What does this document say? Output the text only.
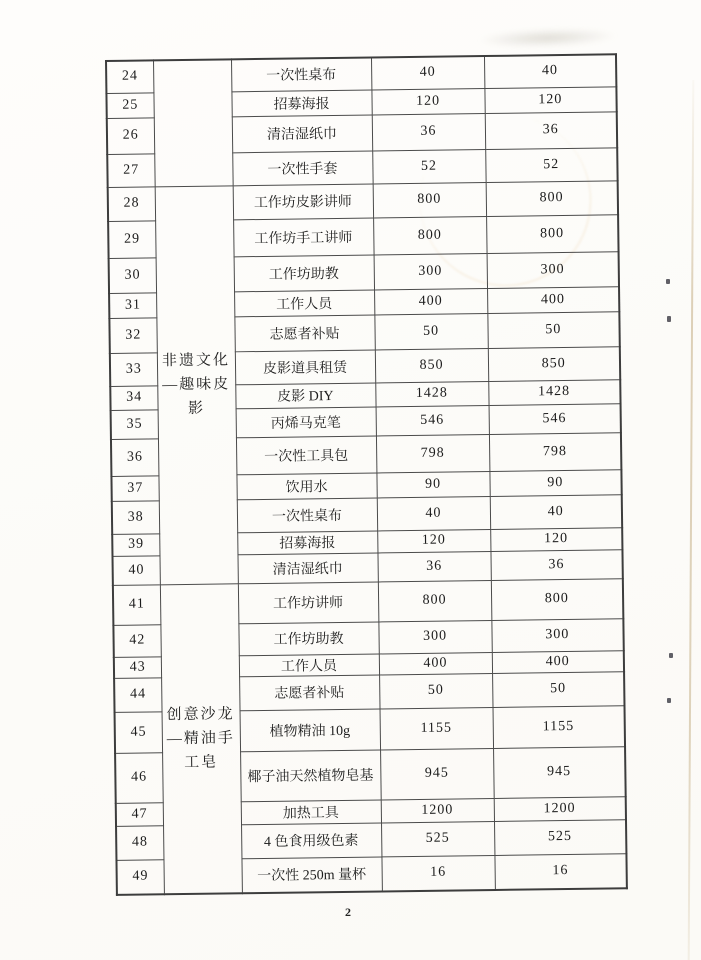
24		一次性桌布	40	40
25		招募海报	120	120
26		清洁湿纸巾	36	36
27		一次性手套	52	52
28	非遗文化—趣味皮影	工作坊皮影讲师	800	800
29		工作坊手工讲师	800	800
30		工作坊助教	300	300
31		工作人员	400	400
32		志愿者补贴	50	50
33		皮影道具租赁	850	850
34		皮影 DIY	1428	1428
35		丙烯马克笔	546	546
36		一次性工具包	798	798
37		饮用水	90	90
38		一次性桌布	40	40
39		招募海报	120	120
40		清洁湿纸巾	36	36
41	创意沙龙—精油手工皂	工作坊讲师	800	800
42		工作坊助教	300	300
43		工作人员	400	400
44		志愿者补贴	50	50
45		植物精油 10g	1155	1155
46		椰子油天然植物皂基	945	945
47		加热工具	1200	1200
48		4 色食用级色素	525	525
49		一次性 250m 量杯	16	16
2
